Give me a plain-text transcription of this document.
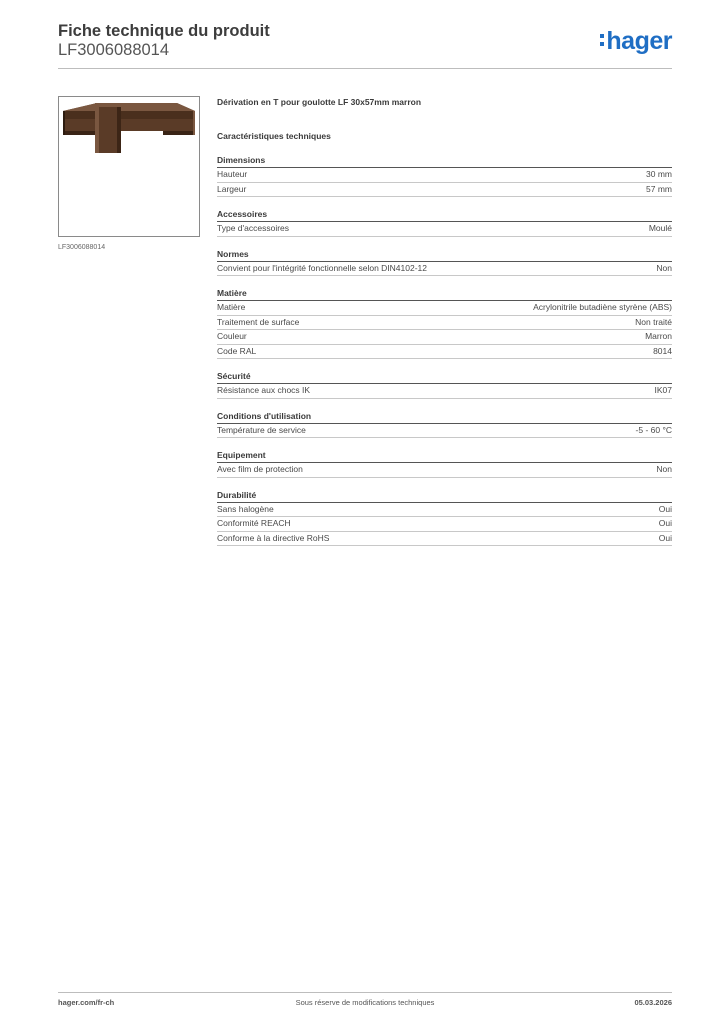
Fiche technique du produit
LF3006088014	hager
LF3006088014
Dérivation en T pour goulotte LF 30x57mm marron
Caractéristiques techniques
Dimensions
Hauteur	30 mm
Largeur	57 mm
Accessoires
Type d'accessoires	Moulé
Normes
Convient pour l'intégrité fonctionnelle selon DIN4102-12	Non
Matière
Matière	Acrylonitrile butadiène styrène (ABS)
Traitement de surface	Non traité
Couleur	Marron
Code RAL	8014
Sécurité
Résistance aux chocs IK	IK07
Conditions d'utilisation
Température de service	-5 - 60 °C
Equipement
Avec film de protection	Non
Durabilité
Sans halogène	Oui
Conformité REACH	Oui
Conforme à la directive RoHS	Oui
hager.com/fr-ch	Sous réserve de modifications techniques	05.03.2026
